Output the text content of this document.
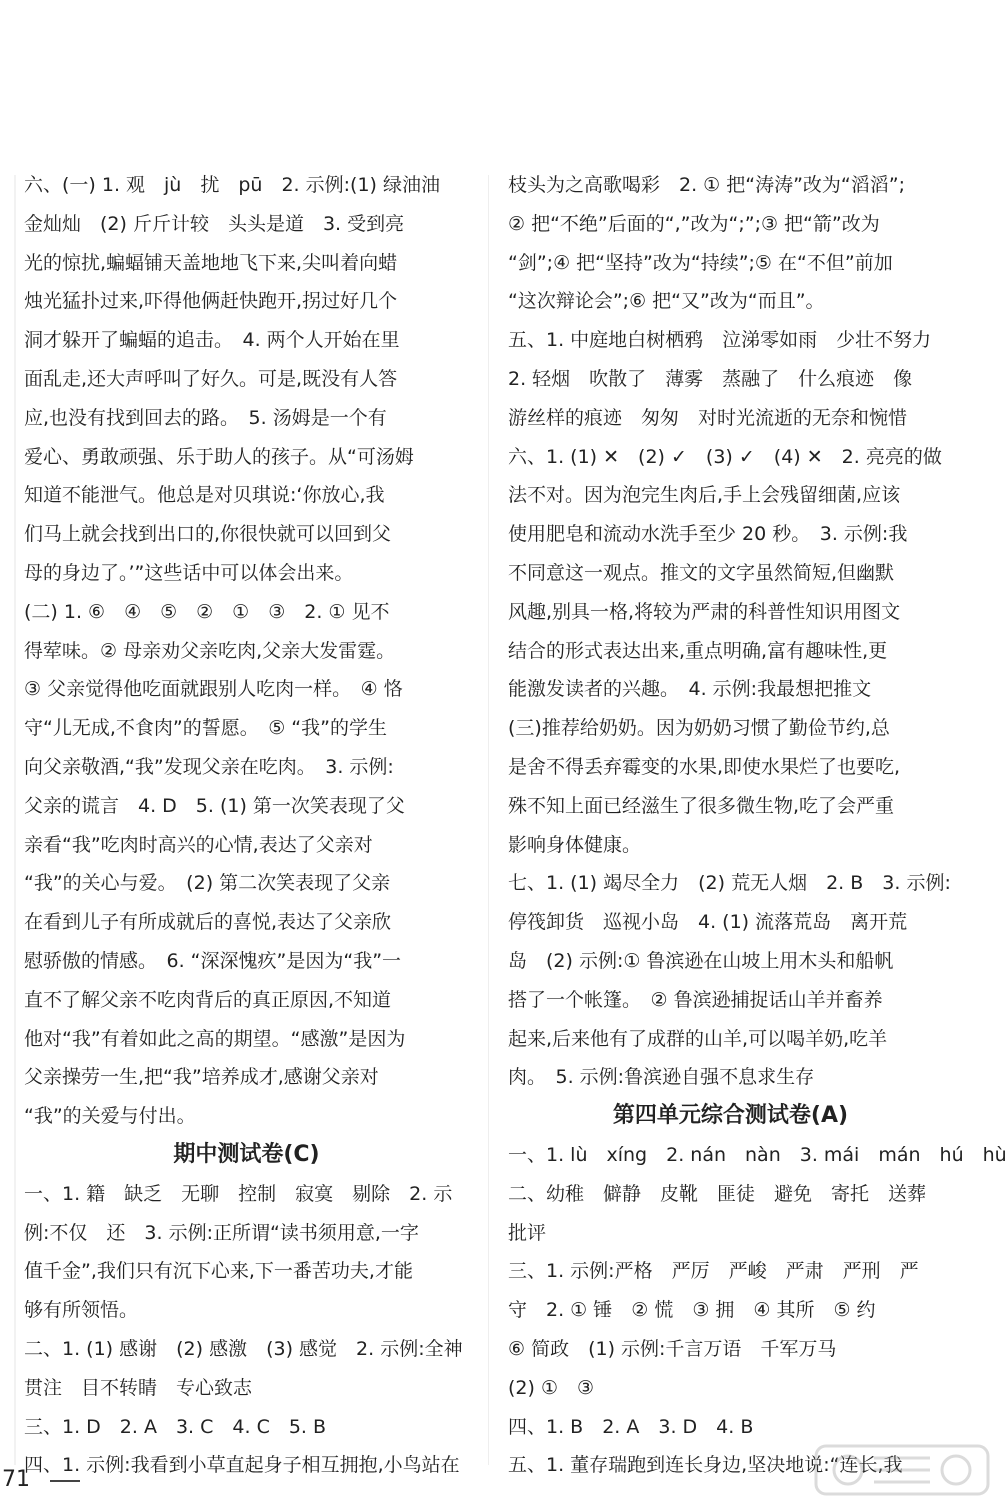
六、(一) 1. 观　jù　扰　pū　2. 示例:(1) 绿油油
金灿灿　(2) 斤斤计较　头头是道　3. 受到亮
光的惊扰,蝙蝠铺天盖地地飞下来,尖叫着向蜡
烛光猛扑过来,吓得他俩赶快跑开,拐过好几个
洞才躲开了蝙蝠的追击。　4. 两个人开始在里
面乱走,还大声呼叫了好久。可是,既没有人答
应,也没有找到回去的路。　5. 汤姆是一个有
爱心、勇敢顽强、乐于助人的孩子。从“可汤姆
知道不能泄气。他总是对贝琪说:‘你放心,我
们马上就会找到出口的,你很快就可以回到父
母的身边了。’”这些话中可以体会出来。
(二) 1. ⑥　④　⑤　②　①　③　2. ① 见不
得荤味。② 母亲劝父亲吃肉,父亲大发雷霆。
③ 父亲觉得他吃面就跟别人吃肉一样。　④ 恪
守“儿无成,不食肉”的誓愿。　⑤ “我”的学生
向父亲敬酒,“我”发现父亲在吃肉。　3. 示例:
父亲的谎言　4. D　5. (1) 第一次笑表现了父
亲看“我”吃肉时高兴的心情,表达了父亲对
“我”的关心与爱。　(2) 第二次笑表现了父亲
在看到儿子有所成就后的喜悦,表达了父亲欣
慰骄傲的情感。　6. “深深愧疚”是因为“我”一
直不了解父亲不吃肉背后的真正原因,不知道
他对“我”有着如此之高的期望。“感激”是因为
父亲操劳一生,把“我”培养成才,感谢父亲对
“我”的关爱与付出。
期中测试卷(C)
一、1. 籍　缺乏　无聊　控制　寂寞　剔除　2. 示
例:不仅　还　3. 示例:正所谓“读书须用意,一字
值千金”,我们只有沉下心来,下一番苦功夫,才能
够有所领悟。
二、1. (1) 感谢　(2) 感激　(3) 感觉　2. 示例:全神
贯注　目不转睛　专心致志
三、1. D　2. A　3. C　4. C　5. B
四、1. 示例:我看到小草直起身子相互拥抱,小鸟站在
枝头为之高歌喝彩　2. ① 把“涛涛”改为“滔滔”;
② 把“不绝”后面的“,”改为“;”;③ 把“箭”改为
“剑”;④ 把“坚持”改为“持续”;⑤ 在“不但”前加
“这次辩论会”;⑥ 把“又”改为“而且”。
五、1. 中庭地白树栖鸦　泣涕零如雨　少壮不努力
2. 轻烟　吹散了　薄雾　蒸融了　什么痕迹　像
游丝样的痕迹　匆匆　对时光流逝的无奈和惋惜
六、1. (1) ✕　(2) ✓　(3) ✓　(4) ✕　2. 亮亮的做
法不对。因为泡完生肉后,手上会残留细菌,应该
使用肥皂和流动水洗手至少 20 秒。　3. 示例:我
不同意这一观点。推文的文字虽然简短,但幽默
风趣,别具一格,将较为严肃的科普性知识用图文
结合的形式表达出来,重点明确,富有趣味性,更
能激发读者的兴趣。　4. 示例:我最想把推文
(三)推荐给奶奶。因为奶奶习惯了勤俭节约,总
是舍不得丢弃霉变的水果,即使水果烂了也要吃,
殊不知上面已经滋生了很多微生物,吃了会严重
影响身体健康。
七、1. (1) 竭尽全力　(2) 荒无人烟　2. B　3. 示例:
停筏卸货　巡视小岛　4. (1) 流落荒岛　离开荒
岛　(2) 示例:① 鲁滨逊在山坡上用木头和船帆
搭了一个帐篷。　② 鲁滨逊捕捉话山羊并畜养
起来,后来他有了成群的山羊,可以喝羊奶,吃羊
肉。　5. 示例:鲁滨逊自强不息求生存
第四单元综合测试卷(A)
一、1. lù　xíng　2. nán　nàn　3. mái　mán　hú　hù
二、幼稚　僻静　皮靴　匪徒　避免　寄托　送葬
批评
三、1. 示例:严格　严厉　严峻　严肃　严刑　严
守　2. ① 锤　② 慌　③ 拥　④ 其所　⑤ 约
⑥ 简政　(1) 示例:千言万语　千军万马
(2) ①　③
四、1. B　2. A　3. D　4. B
五、1. 董存瑞跑到连长身边,坚决地说:“连长,我
71
